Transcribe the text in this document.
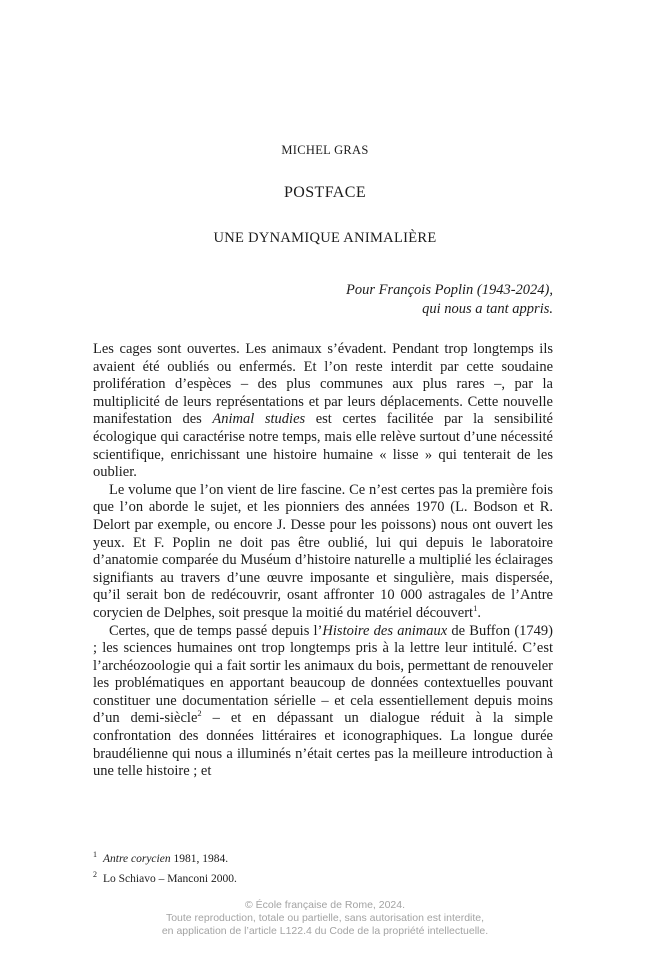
MICHEL GRAS
POSTFACE
UNE DYNAMIQUE ANIMALIÈRE
Pour François Poplin (1943-2024),
qui nous a tant appris.

Les cages sont ouvertes. Les animaux s’évadent. Pendant trop longtemps ils avaient été oubliés ou enfermés. Et l’on reste interdit par cette soudaine prolifération d’espèces – des plus communes aux plus rares –, par la multiplicité de leurs représentations et par leurs déplacements. Cette nouvelle manifestation des Animal studies est certes facilitée par la sensibilité écologique qui caractérise notre temps, mais elle relève surtout d’une nécessité scientifique, enrichissant une histoire humaine « lisse » qui tenterait de les oublier.

Le volume que l’on vient de lire fascine. Ce n’est certes pas la première fois que l’on aborde le sujet, et les pionniers des années 1970 (L. Bodson et R. Delort par exemple, ou encore J. Desse pour les poissons) nous ont ouvert les yeux. Et F. Poplin ne doit pas être oublié, lui qui depuis le laboratoire d’anatomie comparée du Muséum d’histoire naturelle a multiplié les éclairages signifiants au travers d’une œuvre imposante et singulière, mais dispersée, qu’il serait bon de redécouvrir, osant affronter 10 000 astragales de l’Antre corycien de Delphes, soit presque la moitié du matériel découvert$^1$.

Certes, que de temps passé depuis l’Histoire des animaux de Buffon (1749) ; les sciences humaines ont trop longtemps pris à la lettre leur intitulé. C’est l’archéozoologie qui a fait sortir les animaux du bois, permettant de renouveler les problématiques en apportant beaucoup de données contextuelles pouvant constituer une documentation sérielle – et cela essentiellement depuis moins d’un demi-siècle$^2$ – et en dépassant un dialogue réduit à la simple confrontation des données littéraires et iconographiques. La longue durée braudélienne qui nous a illuminés n’était certes pas la meilleure introduction à une telle histoire ; et

$^1$ Antre corycien 1981, 1984.
$^2$ Lo Schiavo – Manconi 2000.
© École française de Rome, 2024.
Toute reproduction, totale ou partielle, sans autorisation est interdite,
en application de l’article L122.4 du Code de la propriété intellectuelle.
